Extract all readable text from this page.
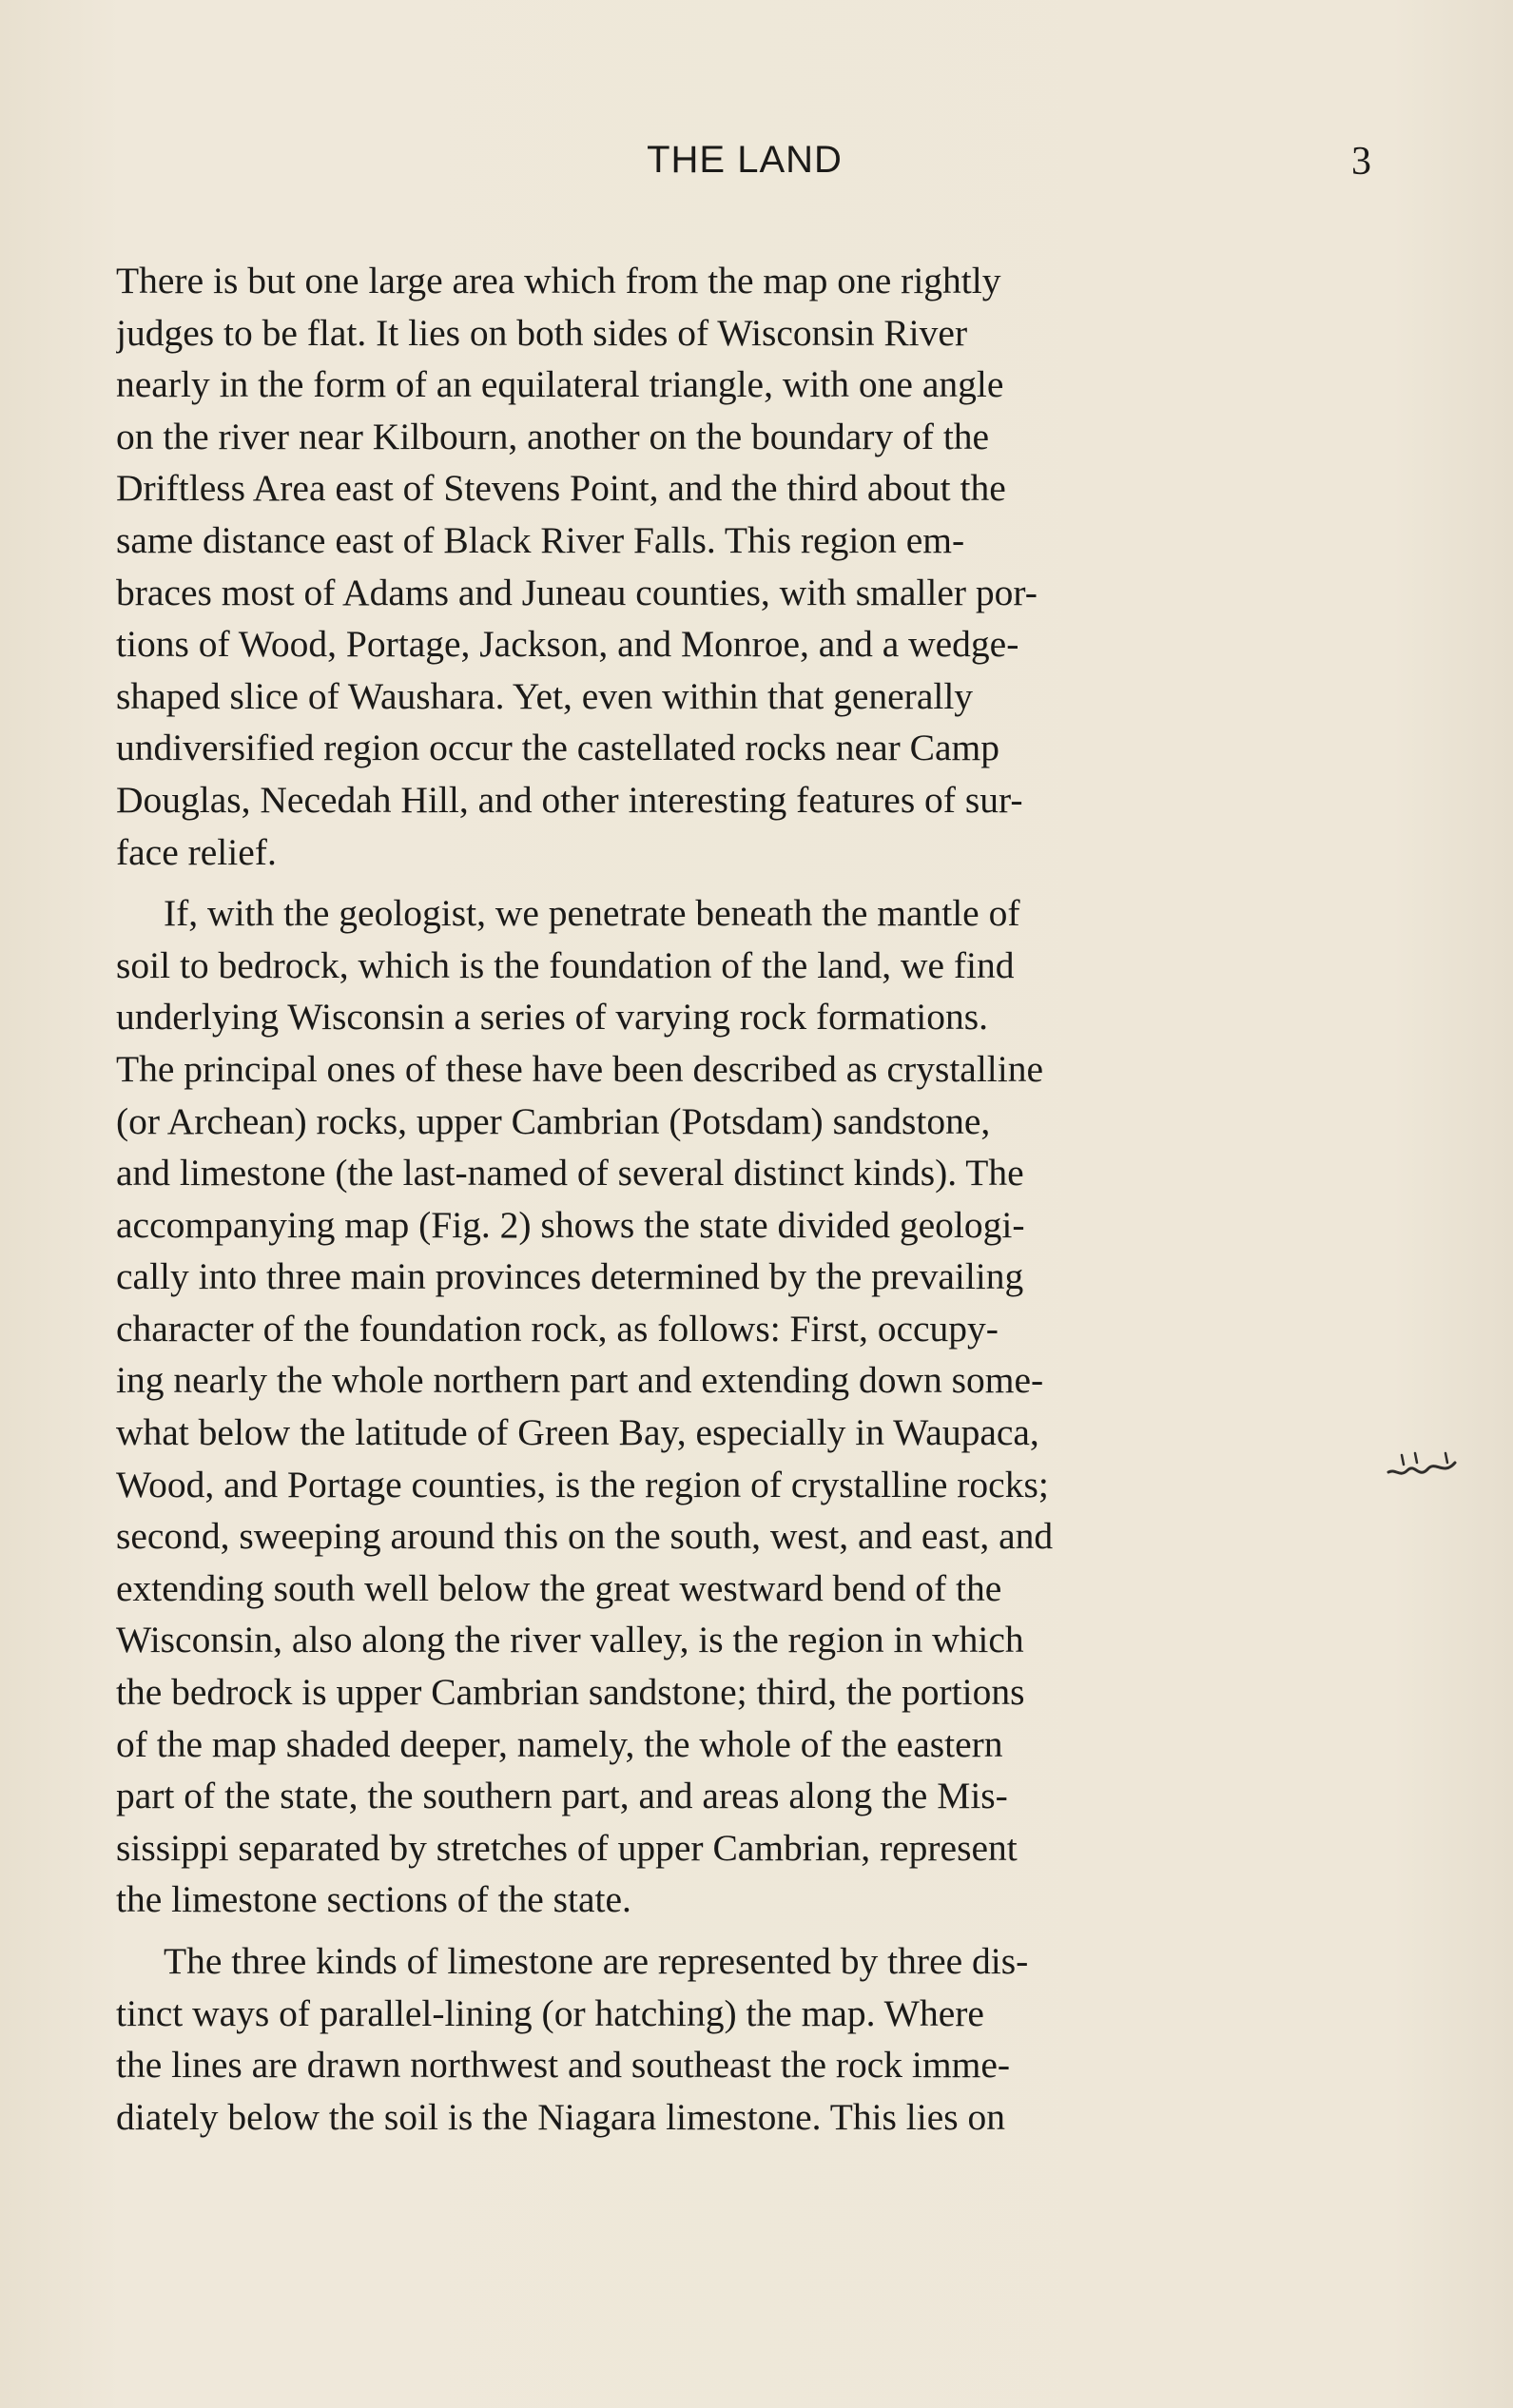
THE LAND	3
There is but one large area which from the map one rightly
judges to be flat. It lies on both sides of Wisconsin River
nearly in the form of an equilateral triangle, with one angle
on the river near Kilbourn, another on the boundary of the
Driftless Area east of Stevens Point, and the third about the
same distance east of Black River Falls. This region em-
braces most of Adams and Juneau counties, with smaller por-
tions of Wood, Portage, Jackson, and Monroe, and a wedge-
shaped slice of Waushara. Yet, even within that generally
undiversified region occur the castellated rocks near Camp
Douglas, Necedah Hill, and other interesting features of sur-
face relief.
If, with the geologist, we penetrate beneath the mantle of
soil to bedrock, which is the foundation of the land, we find
underlying Wisconsin a series of varying rock formations.
The principal ones of these have been described as crystalline
(or Archean) rocks, upper Cambrian (Potsdam) sandstone,
and limestone (the last-named of several distinct kinds). The
accompanying map (Fig. 2) shows the state divided geologi-
cally into three main provinces determined by the prevailing
character of the foundation rock, as follows: First, occupy-
ing nearly the whole northern part and extending down some-
what below the latitude of Green Bay, especially in Waupaca,
Wood, and Portage counties, is the region of crystalline rocks;
second, sweeping around this on the south, west, and east, and
extending south well below the great westward bend of the
Wisconsin, also along the river valley, is the region in which
the bedrock is upper Cambrian sandstone; third, the portions
of the map shaded deeper, namely, the whole of the eastern
part of the state, the southern part, and areas along the Mis-
sissippi separated by stretches of upper Cambrian, represent
the limestone sections of the state.
The three kinds of limestone are represented by three dis-
tinct ways of parallel-lining (or hatching) the map. Where
the lines are drawn northwest and southeast the rock imme-
diately below the soil is the Niagara limestone. This lies on
